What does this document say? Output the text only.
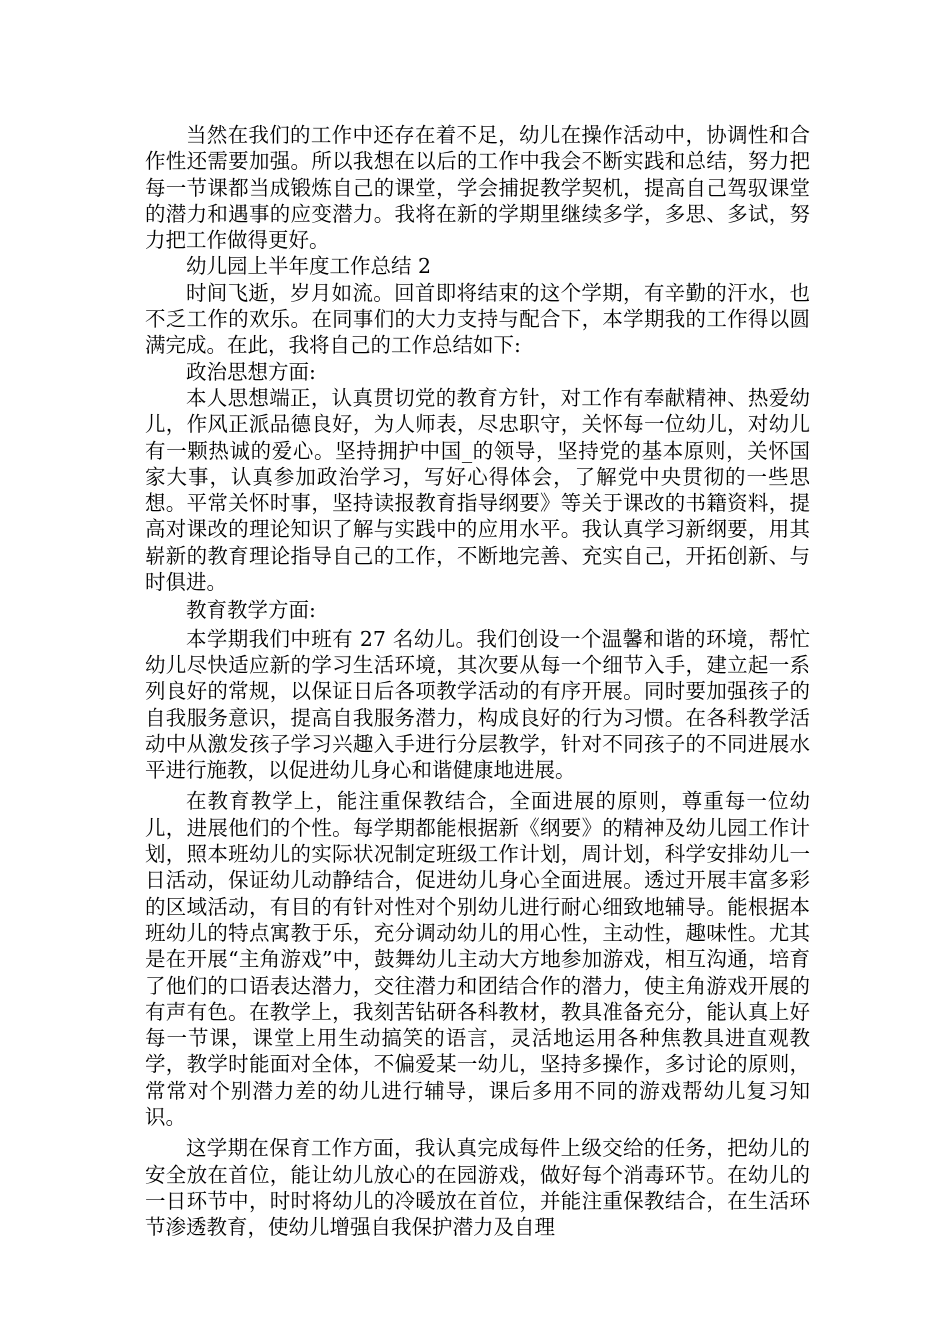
当然在我们的工作中还存在着不足，幼儿在操作活动中，协调性和合作性还需要加强。所以我想在以后的工作中我会不断实践和总结，努力把每一节课都当成锻炼自己的课堂，学会捕捉教学契机，提高自己驾驭课堂的潜力和遇事的应变潜力。我将在新的学期里继续多学，多思、多试，努力把工作做得更好。

幼儿园上半年度工作总结 2

时间飞逝，岁月如流。回首即将结束的这个学期，有辛勤的汗水，也不乏工作的欢乐。在同事们的大力支持与配合下，本学期我的工作得以圆满完成。在此，我将自己的工作总结如下:

政治思想方面:

本人思想端正，认真贯切党的教育方针，对工作有奉献精神、热爱幼儿，作风正派品德良好，为人师表，尽忠职守，关怀每一位幼儿，对幼儿有一颗热诚的爱心。坚持拥护中国_的领导，坚持党的基本原则，关怀国家大事，认真参加政治学习，写好心得体会，了解党中央贯彻的一些思想。平常关怀时事，坚持读报教育指导纲要》等关于课改的书籍资料，提高对课改的理论知识了解与实践中的应用水平。我认真学习新纲要，用其崭新的教育理论指导自己的工作，不断地完善、充实自己，开拓创新、与时俱进。

教育教学方面:

本学期我们中班有 27 名幼儿。我们创设一个温馨和谐的环境，帮忙幼儿尽快适应新的学习生活环境，其次要从每一个细节入手，建立起一系列良好的常规，以保证日后各项教学活动的有序开展。同时要加强孩子的自我服务意识，提高自我服务潜力，构成良好的行为习惯。在各科教学活动中从激发孩子学习兴趣入手进行分层教学，针对不同孩子的不同进展水平进行施教，以促进幼儿身心和谐健康地进展。

在教育教学上，能注重保教结合，全面进展的原则，尊重每一位幼儿，进展他们的个性。每学期都能根据新《纲要》的精神及幼儿园工作计划，照本班幼儿的实际状况制定班级工作计划，周计划，科学安排幼儿一日活动，保证幼儿动静结合，促进幼儿身心全面进展。透过开展丰富多彩的区域活动，有目的有针对性对个别幼儿进行耐心细致地辅导。能根据本班幼儿的特点寓教于乐，充分调动幼儿的用心性，主动性，趣味性。尤其是在开展“主角游戏”中，鼓舞幼儿主动大方地参加游戏，相互沟通，培育了他们的口语表达潜力，交往潜力和团结合作的潜力，使主角游戏开展的有声有色。在教学上，我刻苦钻研各科教材，教具准备充分，能认真上好每一节课，课堂上用生动搞笑的语言，灵活地运用各种焦教具进直观教学，教学时能面对全体，不偏爱某一幼儿，坚持多操作，多讨论的原则，常常对个别潜力差的幼儿进行辅导，课后多用不同的游戏帮幼儿复习知识。

这学期在保育工作方面，我认真完成每件上级交给的任务，把幼儿的安全放在首位，能让幼儿放心的在园游戏，做好每个消毒环节。在幼儿的一日环节中，时时将幼儿的冷暖放在首位，并能注重保教结合，在生活环节渗透教育，使幼儿增强自我保护潜力及自理
